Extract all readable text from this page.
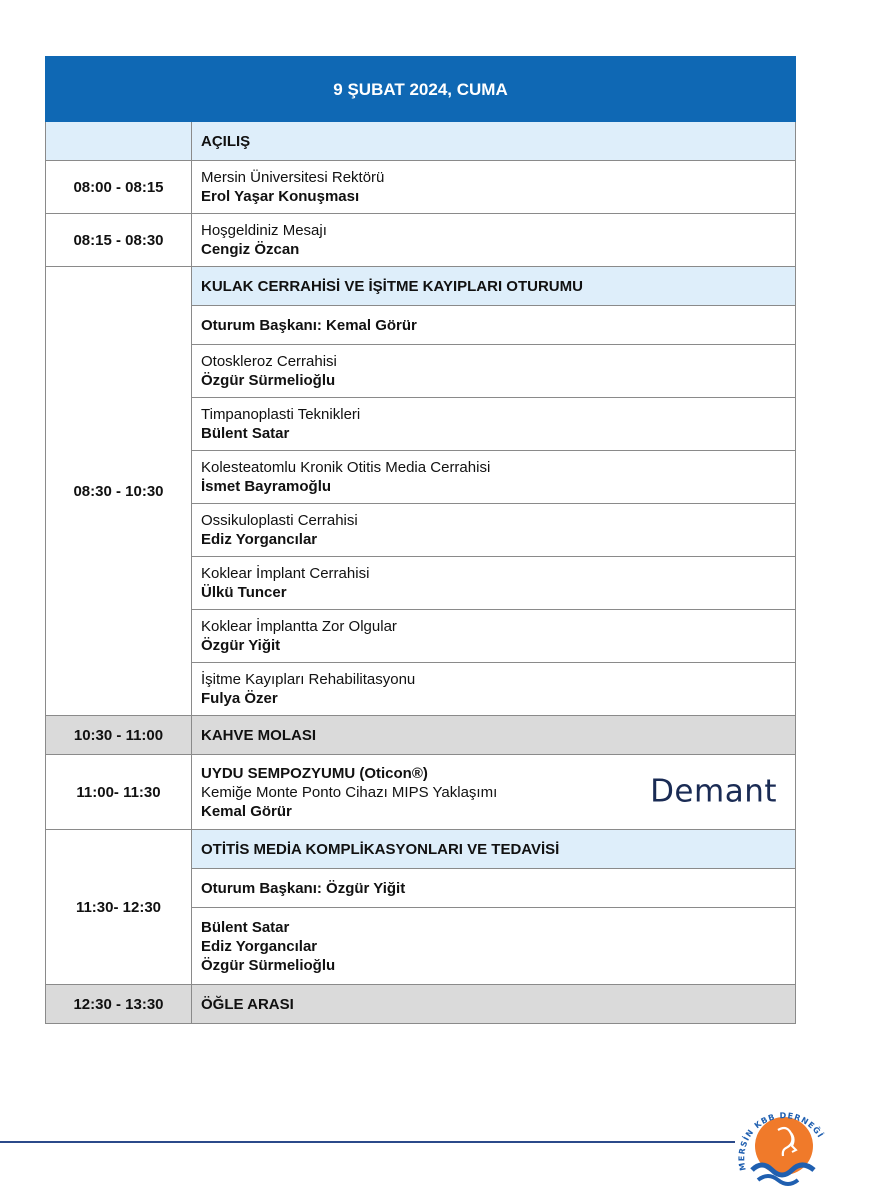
9 ŞUBAT 2024, CUMA	
	AÇILIŞ
08:00 - 08:15	Mersin Üniversitesi Rektörü
Erol Yaşar Konuşması

08:15 - 08:30	Hoşgeldiniz Mesajı
Cengiz Özcan

08:30 - 10:30	KULAK CERRAHİSİ VE İŞİTME KAYIPLARI OTURUMU
	Oturum Başkanı: Kemal Görür

	Otoskleroz Cerrahisi
Özgür Sürmelioğlu

	Timpanoplasti Teknikleri
Bülent Satar

	Kolesteatomlu Kronik Otitis Media Cerrahisi
İsmet Bayramoğlu

	Ossikuloplasti Cerrahisi
Ediz Yorgancılar

	Koklear İmplant Cerrahisi
Ülkü Tuncer

	Koklear İmplantta Zor Olgular
Özgür Yiğit

	İşitme Kayıpları Rehabilitasyonu
Fulya Özer

10:30 - 11:00	KAHVE MOLASI
11:00- 11:30	UYDU SEMPOZYUMU (Oticon®)
Kemiğe Monte Ponto Cihazı MIPS Yaklaşımı
Kemal Görür
Demant

11:30- 12:30	OTİTİS MEDİA KOMPLİKASYONLARI VE TEDAVİSİ
	Oturum Başkanı: Özgür Yiğit

	Bülent Satar
Ediz Yorgancılar
Özgür Sürmelioğlu

12:30 - 13:30	ÖĞLE ARASI
MERSİN KBB DERNEĞİ
